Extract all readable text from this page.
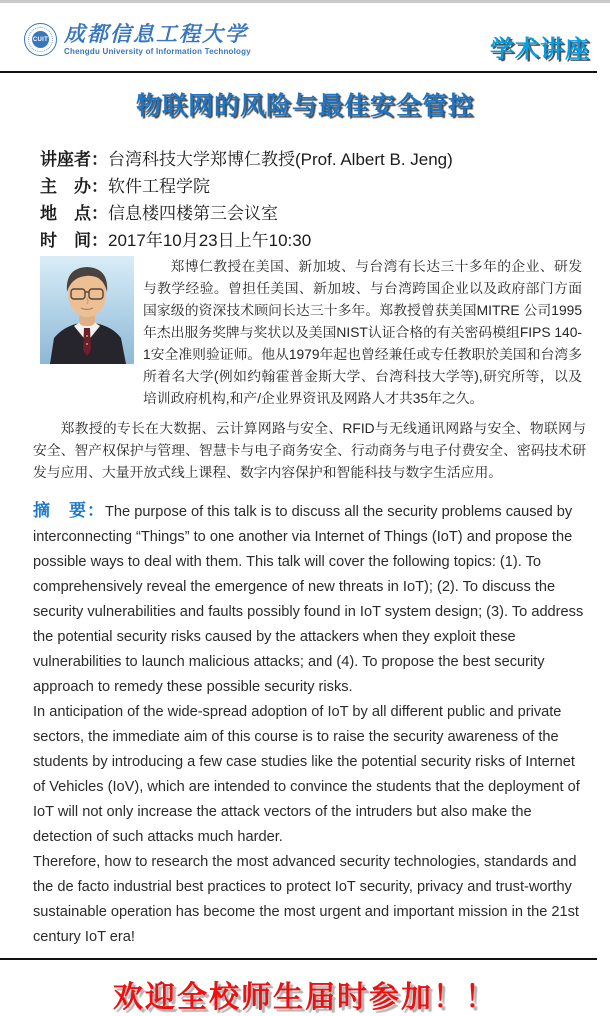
CUIT 成都信息工程大学
Chengdu University of Information Technology	学术讲座
物联网的风险与最佳安全管控
讲座者：台湾科技大学郑博仁教授(Prof. Albert B. Jeng)
主　办：软件工程学院
地　点：信息楼四楼第三会议室
时　间：2017年10月23日上午10:30
郑博仁教授在美国、新加坡、与台湾有长达三十多年的企业、研发与教学经验。曾担任美国、新加坡、与台湾跨国企业以及政府部门方面国家级的资深技术顾问长达三十多年。郑教授曾获美国MITRE 公司1995年杰出服务奖牌与奖状以及美国NIST认证合格的有关密码模组FIPS 140-1安全准则验证师。他从1979年起也曾经兼任或专任教职於美国和台湾多所着名大学(例如约翰霍普金斯大学、台湾科技大学等),研究所等，以及培训政府机构,和产/企业界资讯及网路人才共35年之久。
郑教授的专长在大数据、云计算网路与安全、RFID与无线通讯网路与安全、物联网与安全、智产权保护与管理、智慧卡与电子商务安全、行动商务与电子付费安全、密码技术研发与应用、大量开放式线上课程、数字内容保护和智能科技与数字生活应用。

摘　要：The purpose of this talk is to discuss all the security problems caused by interconnecting “Things” to one another via Internet of Things (IoT) and propose the possible ways to deal with them. This talk will cover the following topics: (1). To comprehensively reveal the emergence of new threats in IoT); (2). To discuss the security vulnerabilities and faults possibly found in IoT system design; (3). To address the potential security risks caused by the attackers when they exploit these vulnerabilities to launch malicious attacks; and (4). To propose the best security approach to remedy these possible security risks.

In anticipation of the wide-spread adoption of IoT by all different public and private sectors, the immediate aim of this course is to raise the security awareness of the students by introducing a few case studies like the potential security risks of Internet of Vehicles (IoV), which are intended to convince the students that the deployment of IoT will not only increase the attack vectors of the intruders but also make the detection of such attacks much harder.

Therefore, how to research the most advanced security technologies, standards and the de facto industrial best practices to protect IoT security, privacy and trust-worthy sustainable operation has become the most urgent and important mission in the 21st century IoT era!

欢迎全校师生届时参加！！
